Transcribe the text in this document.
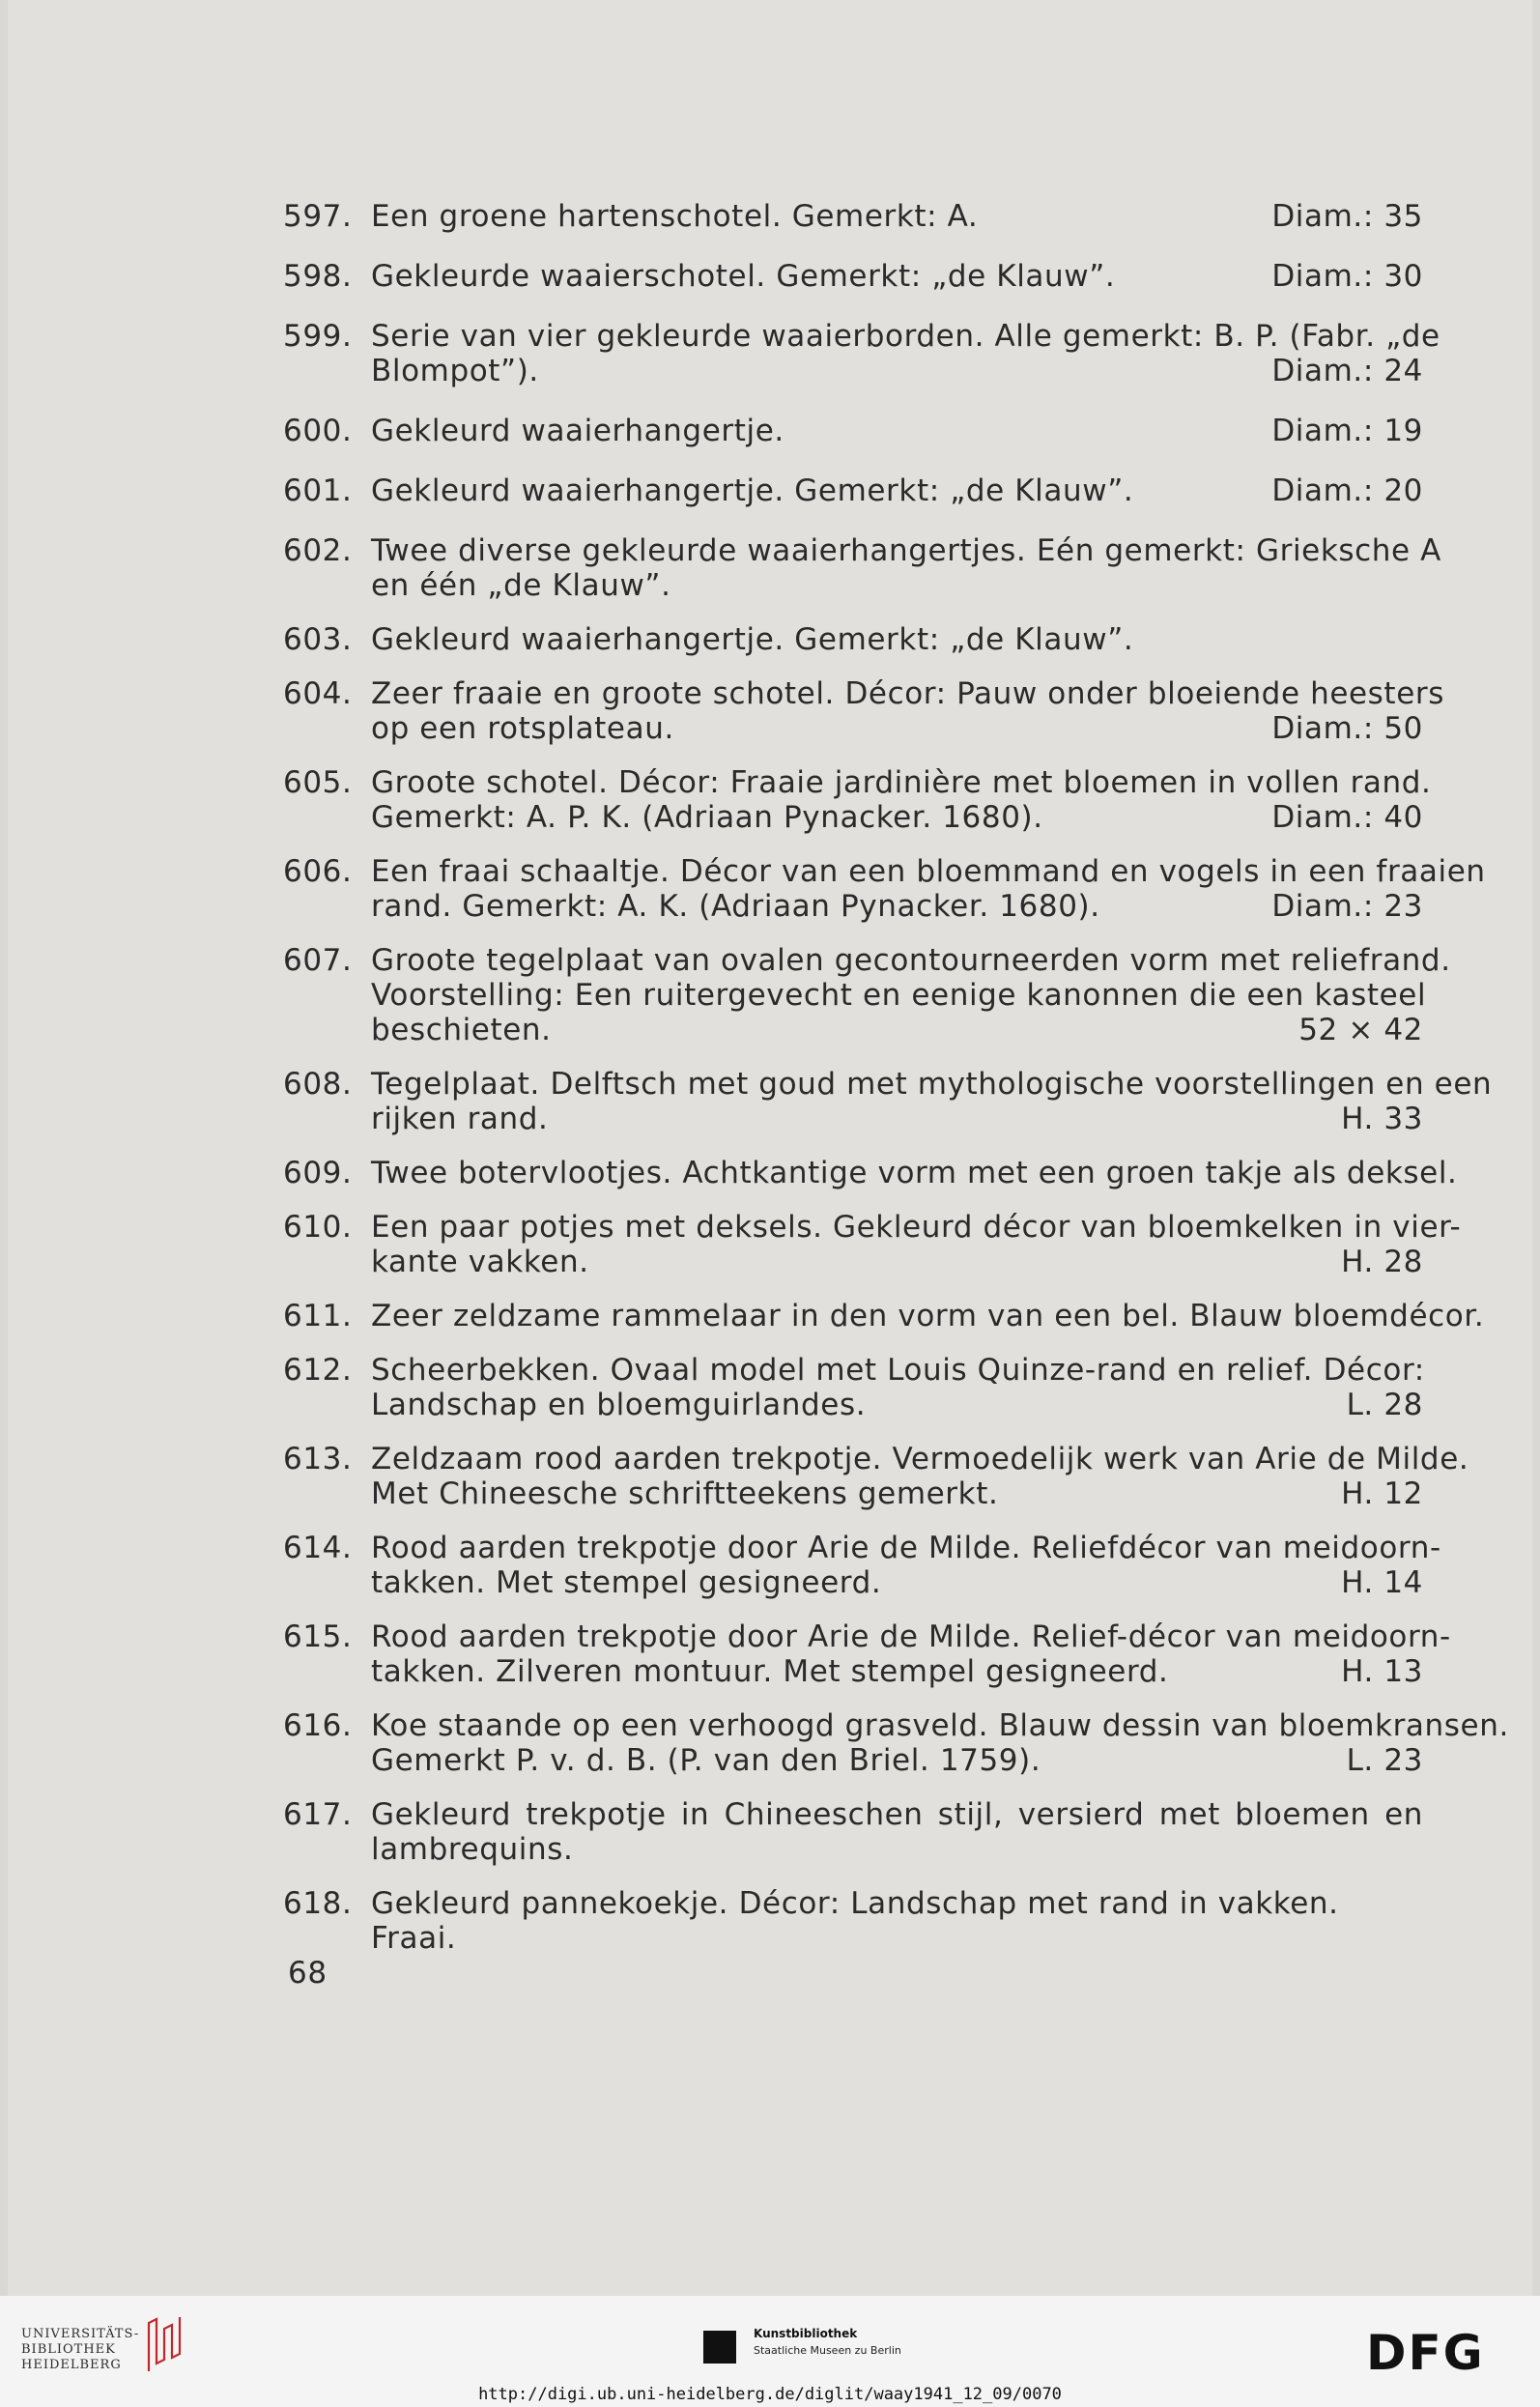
597. Een groene hartenschotel. Gemerkt: A.	Diam.: 35
598. Gekleurde waaierschotel. Gemerkt: „de Klauw”.	Diam.: 30
599. Serie van vier gekleurde waaierborden. Alle gemerkt: B. P. (Fabr. „de
Blompot”).	Diam.: 24
600. Gekleurd waaierhangertje.	Diam.: 19
601. Gekleurd waaierhangertje. Gemerkt: „de Klauw”.	Diam.: 20
602. Twee diverse gekleurde waaierhangertjes. Eén gemerkt: Grieksche A
en één „de Klauw”.
603. Gekleurd waaierhangertje. Gemerkt: „de Klauw”.
604. Zeer fraaie en groote schotel. Décor: Pauw onder bloeiende heesters
op een rotsplateau.	Diam.: 50
605. Groote schotel. Décor: Fraaie jardinière met bloemen in vollen rand.
Gemerkt: A. P. K. (Adriaan Pynacker. 1680).	Diam.: 40
606. Een fraai schaaltje. Décor van een bloemmand en vogels in een fraaien
rand. Gemerkt: A. K. (Adriaan Pynacker. 1680).	Diam.: 23
607. Groote tegelplaat van ovalen gecontourneerden vorm met reliefrand.
Voorstelling: Een ruitergevecht en eenige kanonnen die een kasteel
beschieten.	52 × 42
608. Tegelplaat. Delftsch met goud met mythologische voorstellingen en een
rijken rand.	H. 33
609. Twee botervlootjes. Achtkantige vorm met een groen takje als deksel.
610. Een paar potjes met deksels. Gekleurd décor van bloemkelken in vier-
kante vakken.	H. 28
611. Zeer zeldzame rammelaar in den vorm van een bel. Blauw bloemdécor.
612. Scheerbekken. Ovaal model met Louis Quinze-rand en relief. Décor:
Landschap en bloemguirlandes.	L. 28
613. Zeldzaam rood aarden trekpotje. Vermoedelijk werk van Arie de Milde.
Met Chineesche schriftteekens gemerkt.	H. 12
614. Rood aarden trekpotje door Arie de Milde. Reliefdécor van meidoorn-
takken. Met stempel gesigneerd.	H. 14
615. Rood aarden trekpotje door Arie de Milde. Relief-décor van meidoorn-
takken. Zilveren montuur. Met stempel gesigneerd.	H. 13
616. Koe staande op een verhoogd grasveld. Blauw dessin van bloemkransen.
Gemerkt P. v. d. B. (P. van den Briel. 1759).	L. 23
617. Gekleurd trekpotje in Chineeschen stijl, versierd met bloemen en
lambrequins.
618. Gekleurd pannekoekje. Décor: Landschap met rand in vakken. Fraai.
68
UNIVERSITÄTS-
BIBLIOTHEK
HEIDELBERG
Kunstbibliothek
Staatliche Museen zu Berlin	DFG
http://digi.ub.uni-heidelberg.de/diglit/waay1941_12_09/0070
